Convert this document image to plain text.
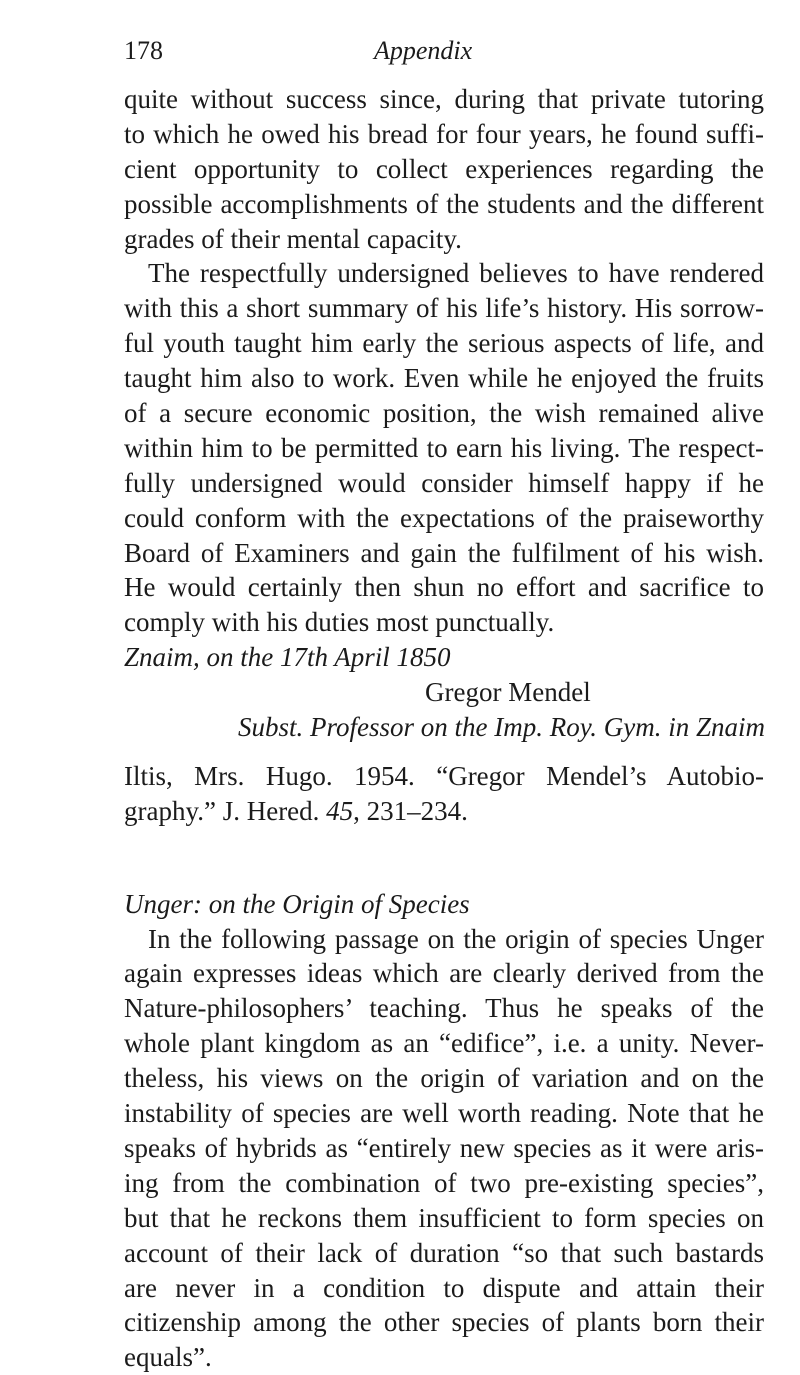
178	Appendix
quite without success since, during that private tutoring
to which he owed his bread for four years, he found suffi-
cient opportunity to collect experiences regarding the
possible accomplishments of the students and the different
grades of their mental capacity.
The respectfully undersigned believes to have rendered
with this a short summary of his life’s history. His sorrow-
ful youth taught him early the serious aspects of life, and
taught him also to work. Even while he enjoyed the fruits
of a secure economic position, the wish remained alive
within him to be permitted to earn his living. The respect-
fully undersigned would consider himself happy if he
could conform with the expectations of the praiseworthy
Board of Examiners and gain the fulfilment of his wish.
He would certainly then shun no effort and sacrifice to
comply with his duties most punctually.
Znaim, on the 17th April 1850
Gregor Mendel
Subst. Professor on the Imp. Roy. Gym. in Znaim
Iltis, Mrs. Hugo. 1954. “Gregor Mendel’s Autobio-
graphy.” J. Hered. 45, 231–234.
Unger: on the Origin of Species
In the following passage on the origin of species Unger
again expresses ideas which are clearly derived from the
Nature-philosophers’ teaching. Thus he speaks of the
whole plant kingdom as an “edifice”, i.e. a unity. Never-
theless, his views on the origin of variation and on the
instability of species are well worth reading. Note that he
speaks of hybrids as “entirely new species as it were aris-
ing from the combination of two pre-existing species”,
but that he reckons them insufficient to form species on
account of their lack of duration “so that such bastards
are never in a condition to dispute and attain their
citizenship among the other species of plants born their
equals”.
